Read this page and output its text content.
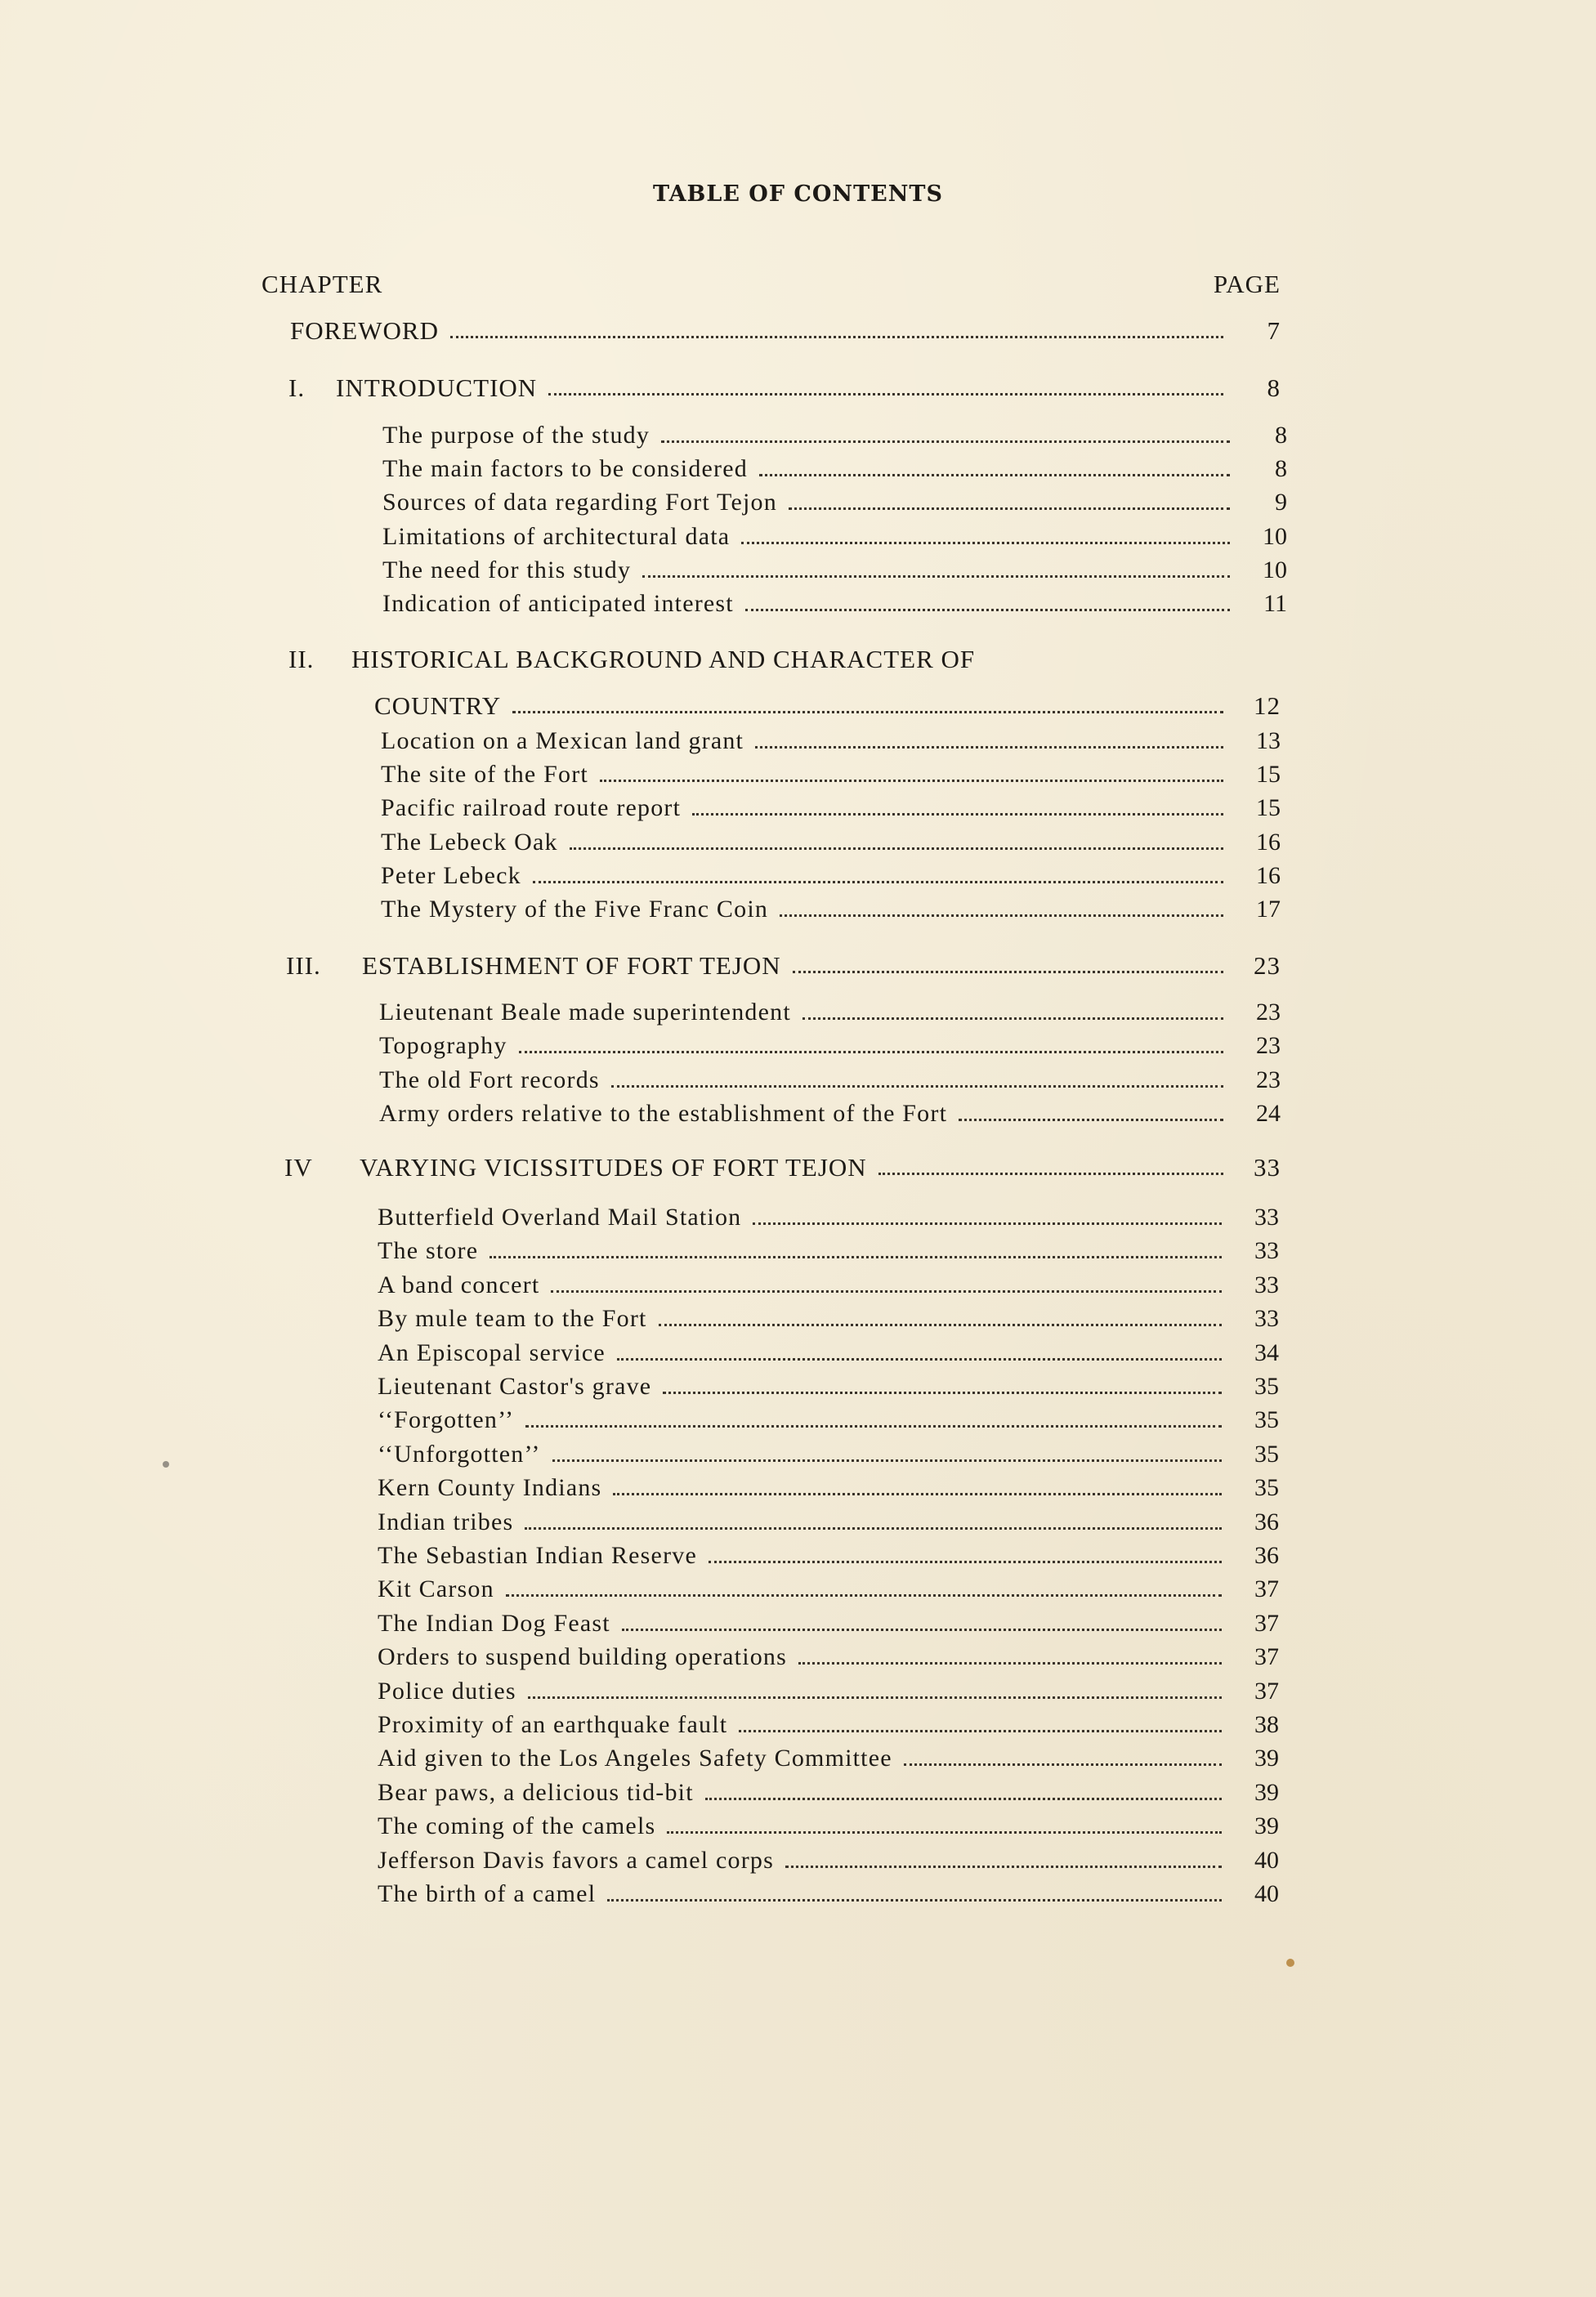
TABLE OF CONTENTS
CHAPTER	PAGE
FOREWORD	7
I.	INTRODUCTION	8
The purpose of the study	8
The main factors to be considered	8
Sources of data regarding Fort Tejon	9
Limitations of architectural data	10
The need for this study	10
Indication of anticipated interest	11
II.	HISTORICAL BACKGROUND AND CHARACTER OF
COUNTRY	12
Location on a Mexican land grant	13
The site of the Fort	15
Pacific railroad route report	15
The Lebeck Oak	16
Peter Lebeck	16
The Mystery of the Five Franc Coin	17
III.	ESTABLISHMENT OF FORT TEJON	23
Lieutenant Beale made superintendent	23
Topography	23
The old Fort records	23
Army orders relative to the establishment of the Fort	24
IV	VARYING VICISSITUDES OF FORT TEJON	33
Butterfield Overland Mail Station	33
The store	33
A band concert	33
By mule team to the Fort	33
An Episcopal service	34
Lieutenant Castor's grave	35
‘‘Forgotten’’	35
‘‘Unforgotten’’	35
Kern County Indians	35
Indian tribes	36
The Sebastian Indian Reserve	36
Kit Carson	37
The Indian Dog Feast	37
Orders to suspend building operations	37
Police duties	37
Proximity of an earthquake fault	38
Aid given to the Los Angeles Safety Committee	39
Bear paws, a delicious tid-bit	39
The coming of the camels	39
Jefferson Davis favors a camel corps	40
The birth of a camel	40
